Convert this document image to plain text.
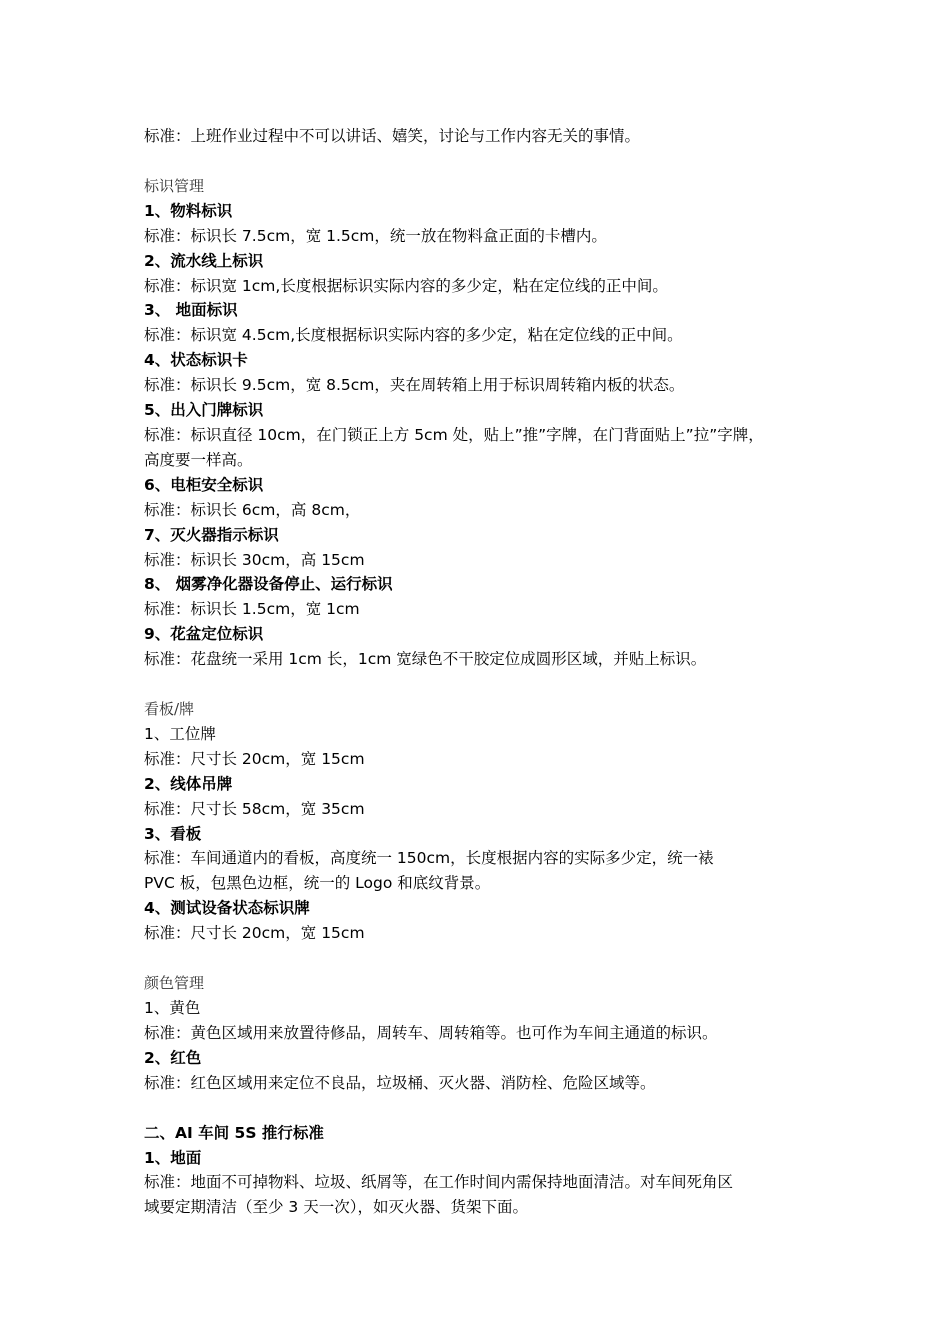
标准：上班作业过程中不可以讲话、嬉笑，讨论与工作内容无关的事情。
标识管理
1、物料标识
标准：标识长 7.5cm，宽 1.5cm，统一放在物料盒正面的卡槽内。
2、流水线上标识
标准：标识宽 1cm,长度根据标识实际内容的多少定，粘在定位线的正中间。
3、 地面标识
标准：标识宽 4.5cm,长度根据标识实际内容的多少定，粘在定位线的正中间。
4、状态标识卡
标准：标识长 9.5cm，宽 8.5cm，夹在周转箱上用于标识周转箱内板的状态。
5、出入门牌标识
标准：标识直径 10cm，在门锁正上方 5cm 处，贴上”推”字牌，在门背面贴上”拉”字牌，
高度要一样高。
6、电柜安全标识
标准：标识长 6cm，高 8cm，
7、灭火器指示标识
标准：标识长 30cm，高 15cm
8、 烟雾净化器设备停止、运行标识
标准：标识长 1.5cm，宽 1cm
9、花盆定位标识
标准：花盘统一采用 1cm 长，1cm 宽绿色不干胶定位成圆形区域，并贴上标识。
看板/牌
1、工位牌
标准：尺寸长 20cm，宽 15cm
2、线体吊牌
标准：尺寸长 58cm，宽 35cm
3、看板
标准：车间通道内的看板，高度统一 150cm，长度根据内容的实际多少定，统一裱
PVC 板，包黑色边框，统一的 Logo 和底纹背景。
4、测试设备状态标识牌
标准：尺寸长 20cm，宽 15cm
颜色管理
1、黄色
标准：黄色区域用来放置待修品，周转车、周转箱等。也可作为车间主通道的标识。
2、红色
标准：红色区域用来定位不良品，垃圾桶、灭火器、消防栓、危险区域等。
二、AI 车间 5S 推行标准
1、地面
标准：地面不可掉物料、垃圾、纸屑等，在工作时间内需保持地面清洁。对车间死角区
域要定期清洁（至少 3 天一次），如灭火器、货架下面。
